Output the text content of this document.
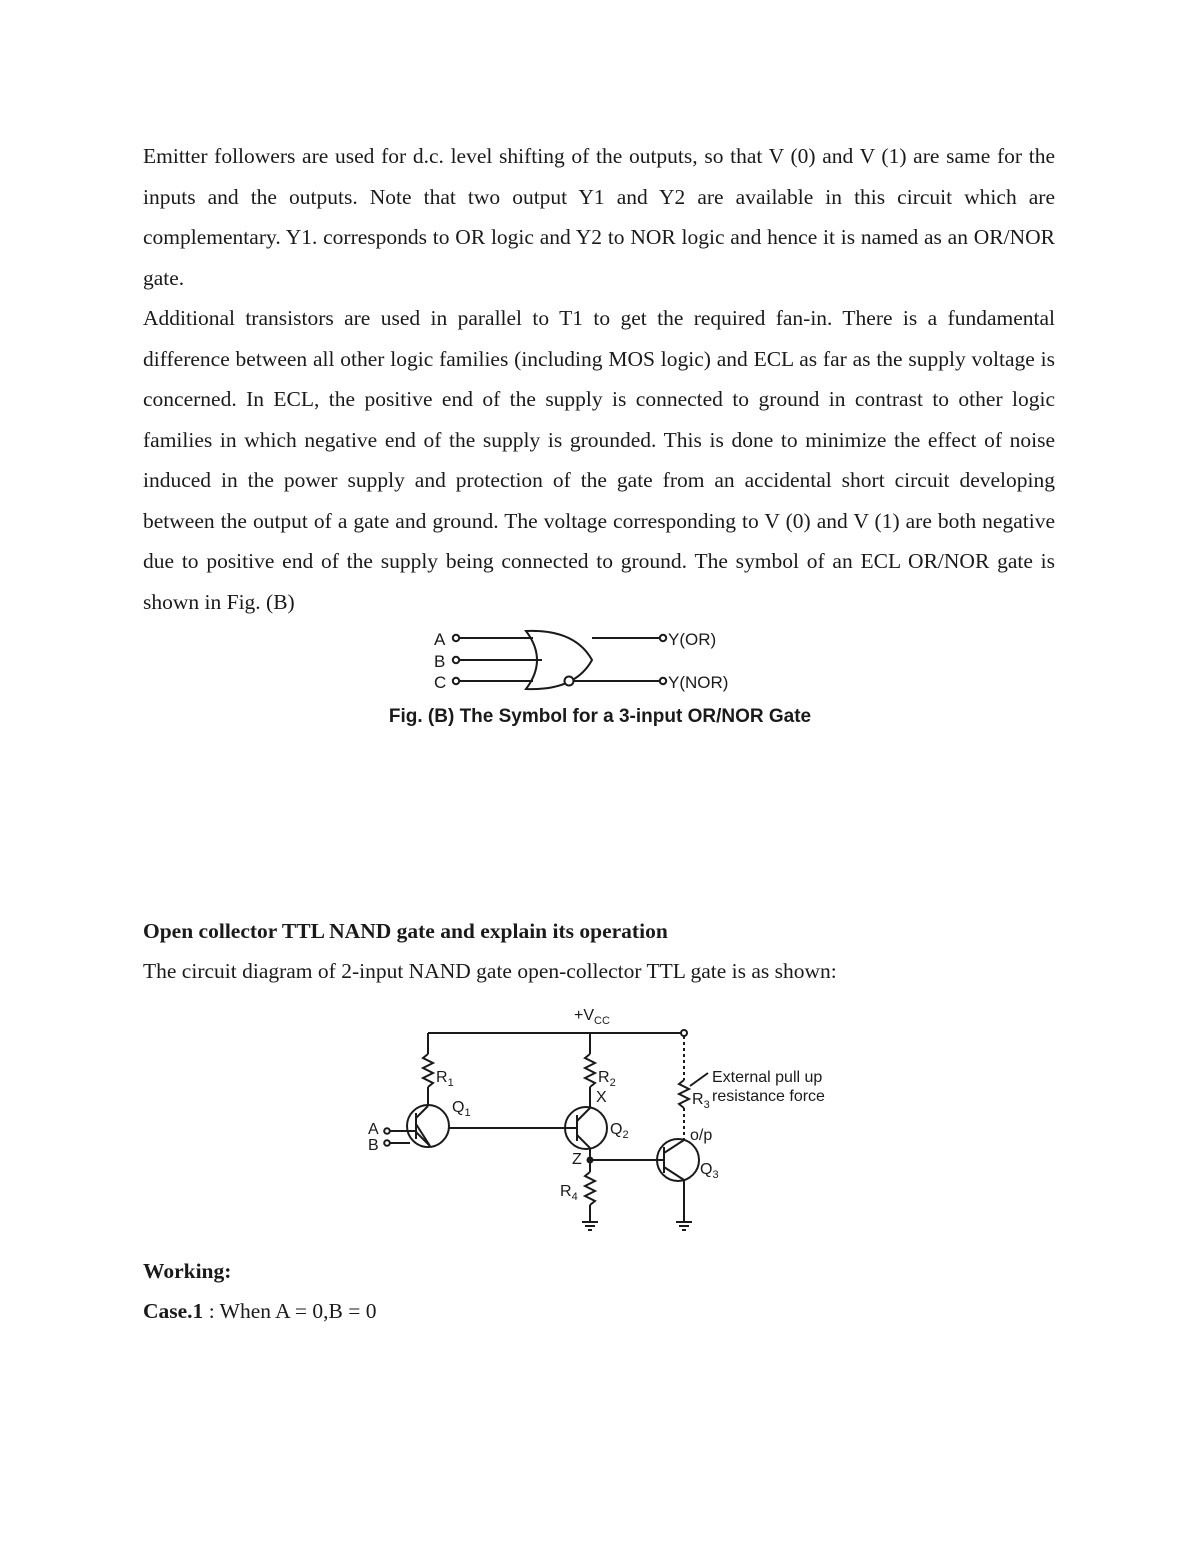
Emitter followers are used for d.c. level shifting of the outputs, so that V (0) and V (1) are same for the inputs and the outputs. Note that two output Y1 and Y2 are available in this circuit which are complementary. Y1. corresponds to OR logic and Y2 to NOR logic and hence it is named as an OR/NOR gate.

Additional transistors are used in parallel to T1 to get the required fan-in. There is a fundamental difference between all other logic families (including MOS logic) and ECL as far as the supply voltage is concerned. In ECL, the positive end of the supply is connected to ground in contrast to other logic families in which negative end of the supply is grounded. This is done to minimize the effect of noise induced in the power supply and protection of the gate from an accidental short circuit developing between the output of a gate and ground. The voltage corresponding to V (0) and V (1) are both negative due to positive end of the supply being connected to ground. The symbol of an ECL OR/NOR gate is shown in Fig. (B)

A
B
C
Y(OR)
Y(NOR)
Fig. (B) The Symbol for a 3-input OR/NOR Gate

Open collector TTL NAND gate and explain its operation

The circuit diagram of 2-input NAND gate open-collector TTL gate is as shown:

$+V_{CC}$
$R_1$	$R_2$
X
$Q_1$
$Q_2$
$R_3$
o/p
$Q_3$
Z
$R_4$
A
B
External pull up
resistance force

Working:

Case.1 : When A = 0,B = 0
